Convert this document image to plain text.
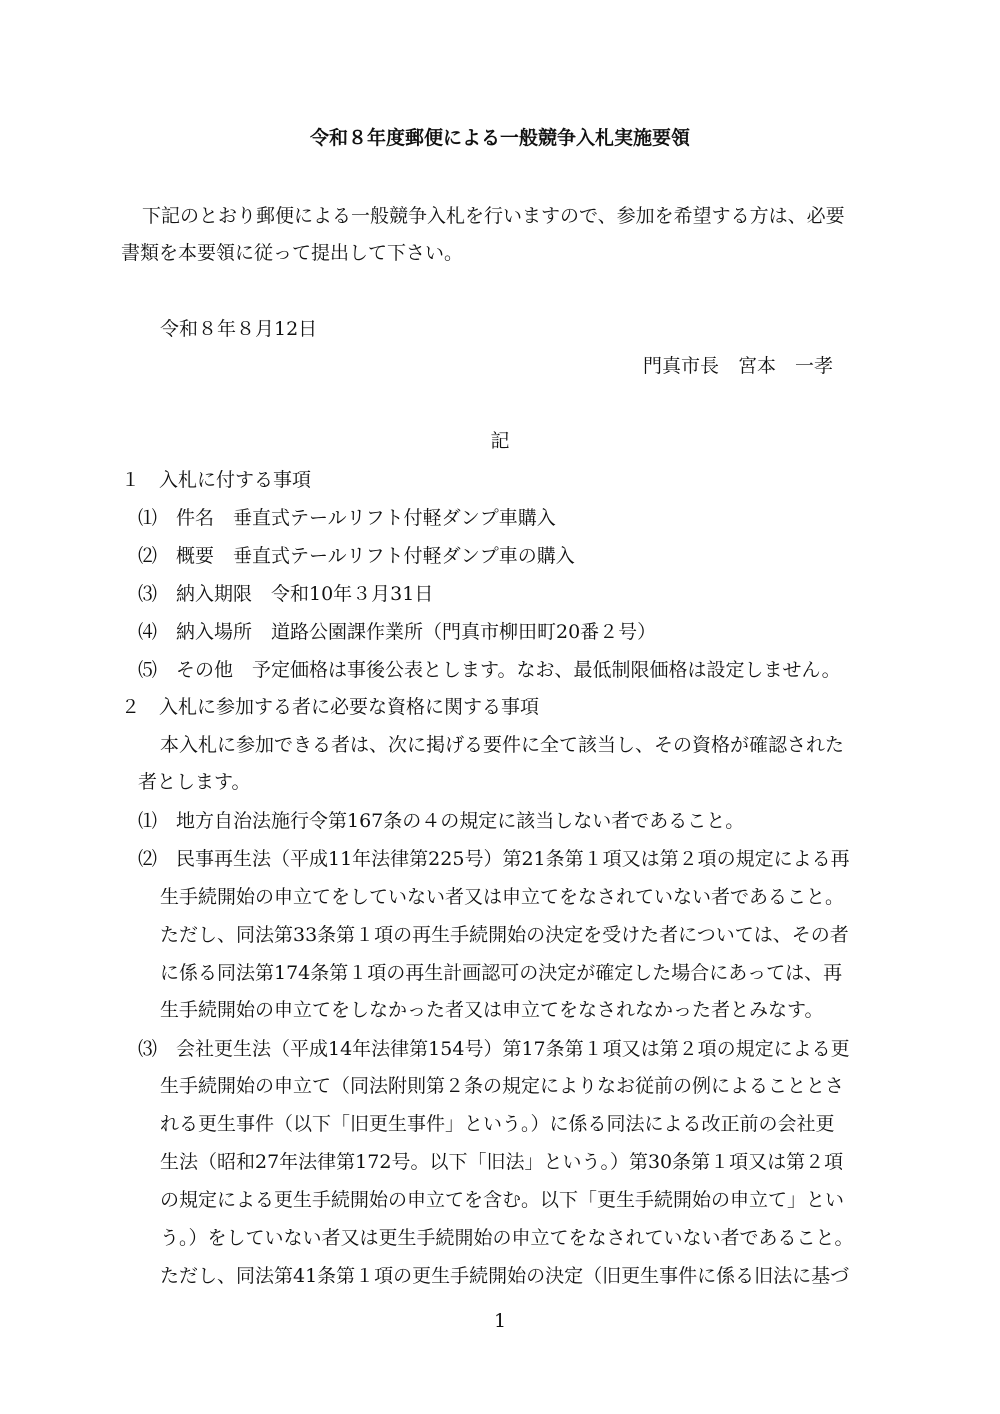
令和８年度郵便による一般競争入札実施要領
下記のとおり郵便による一般競争入札を行いますので、参加を希望する方は、必要
書類を本要領に従って提出して下さい。
令和８年８月12日
門真市長　宮本　一孝
記
１　入札に付する事項
⑴　件名　垂直式テールリフト付軽ダンプ車購入
⑵　概要　垂直式テールリフト付軽ダンプ車の購入
⑶　納入期限　令和10年３月31日
⑷　納入場所　道路公園課作業所（門真市柳田町20番２号）
⑸　その他　予定価格は事後公表とします。なお、最低制限価格は設定しません。
２　入札に参加する者に必要な資格に関する事項
本入札に参加できる者は、次に掲げる要件に全て該当し、その資格が確認された
者とします。
⑴　地方自治法施行令第167条の４の規定に該当しない者であること。
⑵　民事再生法（平成11年法律第225号）第21条第１項又は第２項の規定による再
生手続開始の申立てをしていない者又は申立てをなされていない者であること。
ただし、同法第33条第１項の再生手続開始の決定を受けた者については、その者
に係る同法第174条第１項の再生計画認可の決定が確定した場合にあっては、再
生手続開始の申立てをしなかった者又は申立てをなされなかった者とみなす。
⑶　会社更生法（平成14年法律第154号）第17条第１項又は第２項の規定による更
生手続開始の申立て（同法附則第２条の規定によりなお従前の例によることとさ
れる更生事件（以下「旧更生事件」という。）に係る同法による改正前の会社更
生法（昭和27年法律第172号。以下「旧法」という。）第30条第１項又は第２項
の規定による更生手続開始の申立てを含む。以下「更生手続開始の申立て」とい
う。）をしていない者又は更生手続開始の申立てをなされていない者であること。
ただし、同法第41条第１項の更生手続開始の決定（旧更生事件に係る旧法に基づ
1
